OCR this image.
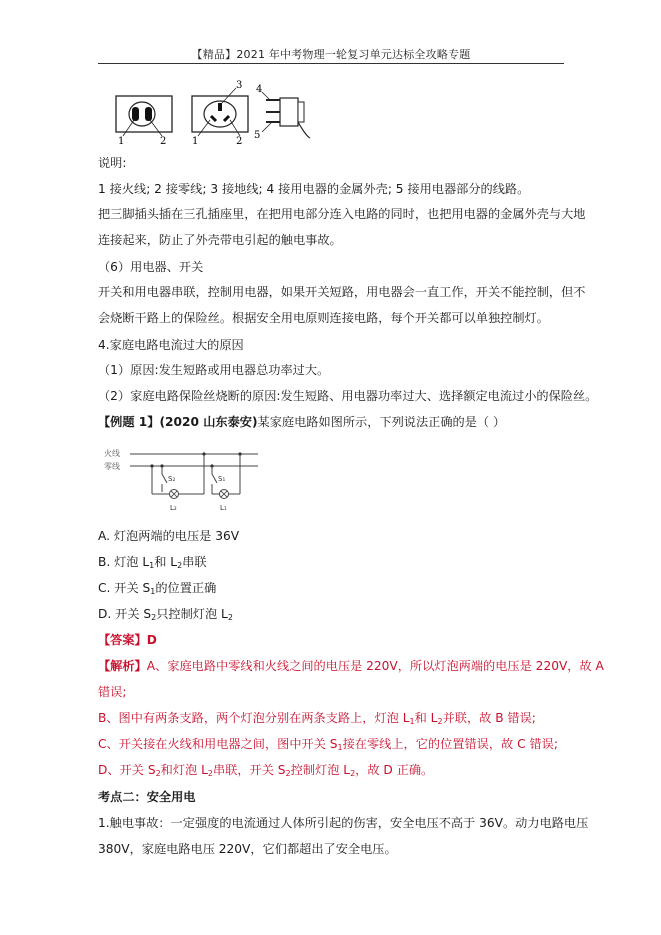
【精品】2021 年中考物理一轮复习单元达标全攻略专题
1	2
3
1	2
4
5
说明:
1 接火线; 2 接零线; 3 接地线; 4 接用电器的金属外壳; 5 接用电器部分的线路。
把三脚插头插在三孔插座里，在把用电部分连入电路的同时，也把用电器的金属外壳与大地
连接起来，防止了外壳带电引起的触电事故。
（6）用电器、开关
开关和用电器串联，控制用电器，如果开关短路，用电器会一直工作，开关不能控制，但不
会烧断干路上的保险丝。根据安全用电原则连接电路，每个开关都可以单独控制灯。
4.家庭电路电流过大的原因
（1）原因:发生短路或用电器总功率过大。
（2）家庭电路保险丝烧断的原因:发生短路、用电器功率过大、选择额定电流过小的保险丝。
【例题 1】(2020 山东泰安)某家庭电路如图所示，下列说法正确的是（ ）
火线
零线
S₂	S₁
L₂	L₁
A. 灯泡两端的电压是 36V
B. 灯泡 $L_1$和 $L_2$串联
C. 开关 $S_1$的位置正确
D. 开关 $S_2$只控制灯泡 $L_2$
【答案】D
【解析】A、家庭电路中零线和火线之间的电压是 220V，所以灯泡两端的电压是 220V，故 A
错误;
B、图中有两条支路，两个灯泡分别在两条支路上，灯泡 $L_1$和 $L_2$并联，故 B 错误;
C、开关接在火线和用电器之间，图中开关 $S_1$接在零线上，它的位置错误，故 C 错误;
D、开关 $S_2$和灯泡 $L_2$串联，开关 $S_2$控制灯泡 $L_2$，故 D 正确。
考点二：安全用电
1.触电事故：一定强度的电流通过人体所引起的伤害，安全电压不高于 36V。动力电路电压
380V，家庭电路电压 220V，它们都超出了安全电压。
